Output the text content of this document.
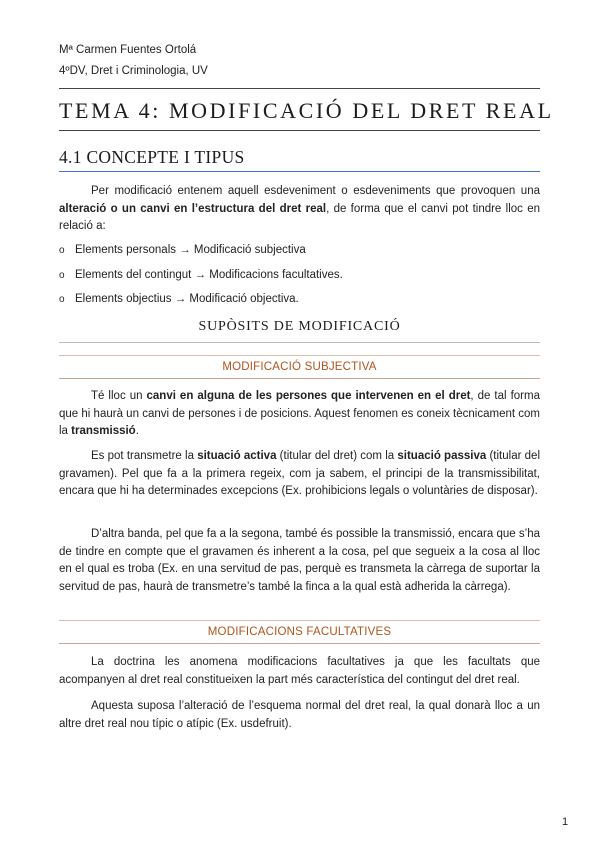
Mª Carmen Fuentes Ortolá
4ºDV, Dret i Criminologia, UV
TEMA 4: MODIFICACIÓ DEL DRET REAL
4.1 CONCEPTE I TIPUS

Per modificació entenem aquell esdeveniment o esdeveniments que provoquen una alteració o un canvi en l’estructura del dret real, de forma que el canvi pot tindre lloc en relació a:

o Elements personals → Modificació subjectiva
o Elements del contingut → Modificacions facultatives.
o Elements objectius → Modificació objectiva.
SUPÒSITS DE MODIFICACIÓ
MODIFICACIÓ SUBJECTIVA

Té lloc un canvi en alguna de les persones que intervenen en el dret, de tal forma que hi haurà un canvi de persones i de posicions. Aquest fenomen es coneix tècnicament com la transmissió.

Es pot transmetre la situació activa (titular del dret) com la situació passiva (titular del gravamen). Pel que fa a la primera regeix, com ja sabem, el principi de la transmissibilitat, encara que hi ha determinades excepcions (Ex. prohibicions legals o voluntàries de disposar).

D’altra banda, pel que fa a la segona, també és possible la transmissió, encara que s’ha de tindre en compte que el gravamen és inherent a la cosa, pel que segueix a la cosa al lloc en el qual es troba (Ex. en una servitud de pas, perquè es transmeta la càrrega de suportar la servitud de pas, haurà de transmetre’s també la finca a la qual està adherida la càrrega).

MODIFICACIONS FACULTATIVES

La doctrina les anomena modificacions facultatives ja que les facultats que acompanyen al dret real constitueixen la part més característica del contingut del dret real.

Aquesta suposa l’alteració de l’esquema normal del dret real, la qual donarà lloc a un altre dret real nou típic o atípic (Ex. usdefruit).

1
